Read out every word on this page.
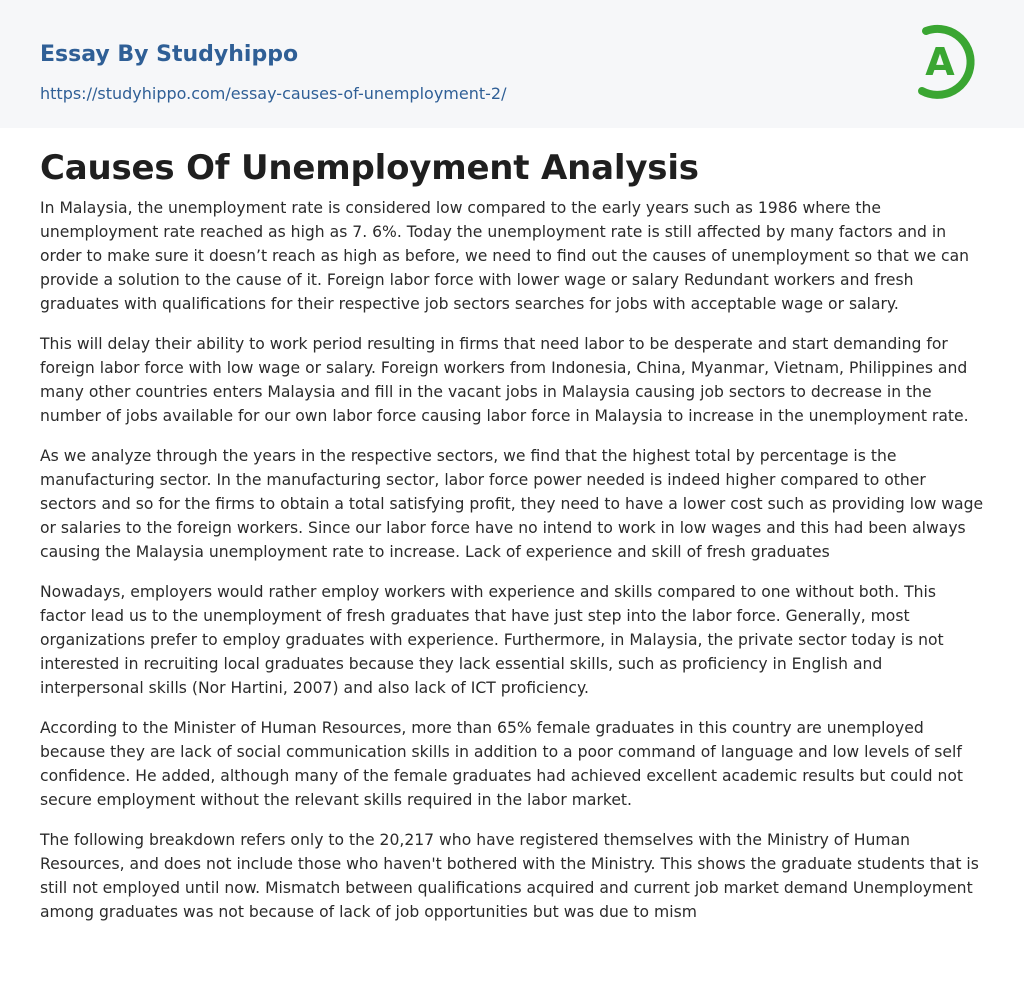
Essay By Studyhippo
https://studyhippo.com/essay-causes-of-unemployment-2/
A
Causes Of Unemployment Analysis

In Malaysia, the unemployment rate is considered low compared to the early years such as 1986 where the unemployment rate reached as high as 7. 6%. Today the unemployment rate is still affected by many factors and in order to make sure it doesn’t reach as high as before, we need to find out the causes of unemployment so that we can provide a solution to the cause of it. Foreign labor force with lower wage or salary Redundant workers and fresh graduates with qualifications for their respective job sectors searches for jobs with acceptable wage or salary.

This will delay their ability to work period resulting in firms that need labor to be desperate and start demanding for foreign labor force with low wage or salary. Foreign workers from Indonesia, China, Myanmar, Vietnam, Philippines and many other countries enters Malaysia and fill in the vacant jobs in Malaysia causing job sectors to decrease in the number of jobs available for our own labor force causing labor force in Malaysia to increase in the unemployment rate.

As we analyze through the years in the respective sectors, we find that the highest total by percentage is the manufacturing sector. In the manufacturing sector, labor force power needed is indeed higher compared to other sectors and so for the firms to obtain a total satisfying profit, they need to have a lower cost such as providing low wage or salaries to the foreign workers. Since our labor force have no intend to work in low wages and this had been always causing the Malaysia unemployment rate to increase. Lack of experience and skill of fresh graduates

Nowadays, employers would rather employ workers with experience and skills compared to one without both. This factor lead us to the unemployment of fresh graduates that have just step into the labor force. Generally, most organizations prefer to employ graduates with experience. Furthermore, in Malaysia, the private sector today is not interested in recruiting local graduates because they lack essential skills, such as proficiency in English and interpersonal skills (Nor Hartini, 2007) and also lack of ICT proficiency.

According to the Minister of Human Resources, more than 65% female graduates in this country are unemployed because they are lack of social communication skills in addition to a poor command of language and low levels of self confidence. He added, although many of the female graduates had achieved excellent academic results but could not secure employment without the relevant skills required in the labor market.

The following breakdown refers only to the 20,217 who have registered themselves with the Ministry of Human Resources, and does not include those who haven't bothered with the Ministry. This shows the graduate students that is still not employed until now. Mismatch between qualifications acquired and current job market demand Unemployment among graduates was not because of lack of job opportunities but was due to mism
